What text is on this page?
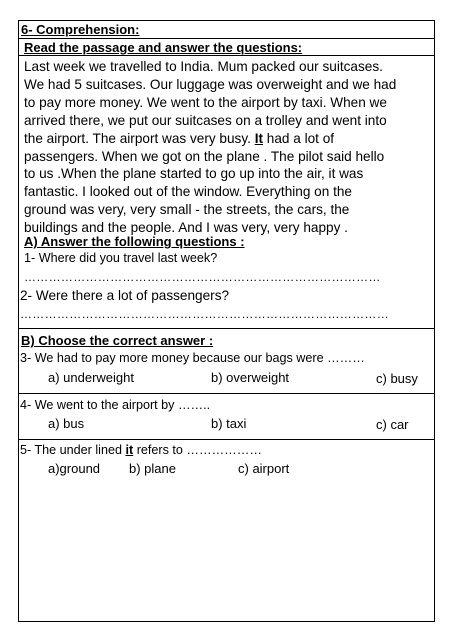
6- Comprehension:
Read the passage and answer the questions:

Last week we travelled to India. Mum packed our suitcases.

We had 5 suitcases. Our luggage was overweight and we had

to pay more money. We went to the airport by taxi. When we

arrived there, we put our suitcases on a trolley and went into

the airport. The airport was very busy. It had a lot of

passengers. When we got on the plane . The pilot said hello

to us .When the plane started to go up into the air, it was

fantastic. I looked out of the window. Everything on the

ground was very, very small - the streets, the cars, the

buildings and the people. And I was very, very happy .

A) Answer the following questions :
1- Where did you travel last week?
……………………………………………………………………………
2- Were there a lot of passengers?
………………………………………………………………………………
B) Choose the correct answer :
3- We had to pay more money because our bags were ………
a) underweight	b) overweight	c) busy
4- We went to the airport by ……..
a) bus	b) taxi	c) car
5- The under lined it refers to ………………
a)ground b) plane	c) airport
